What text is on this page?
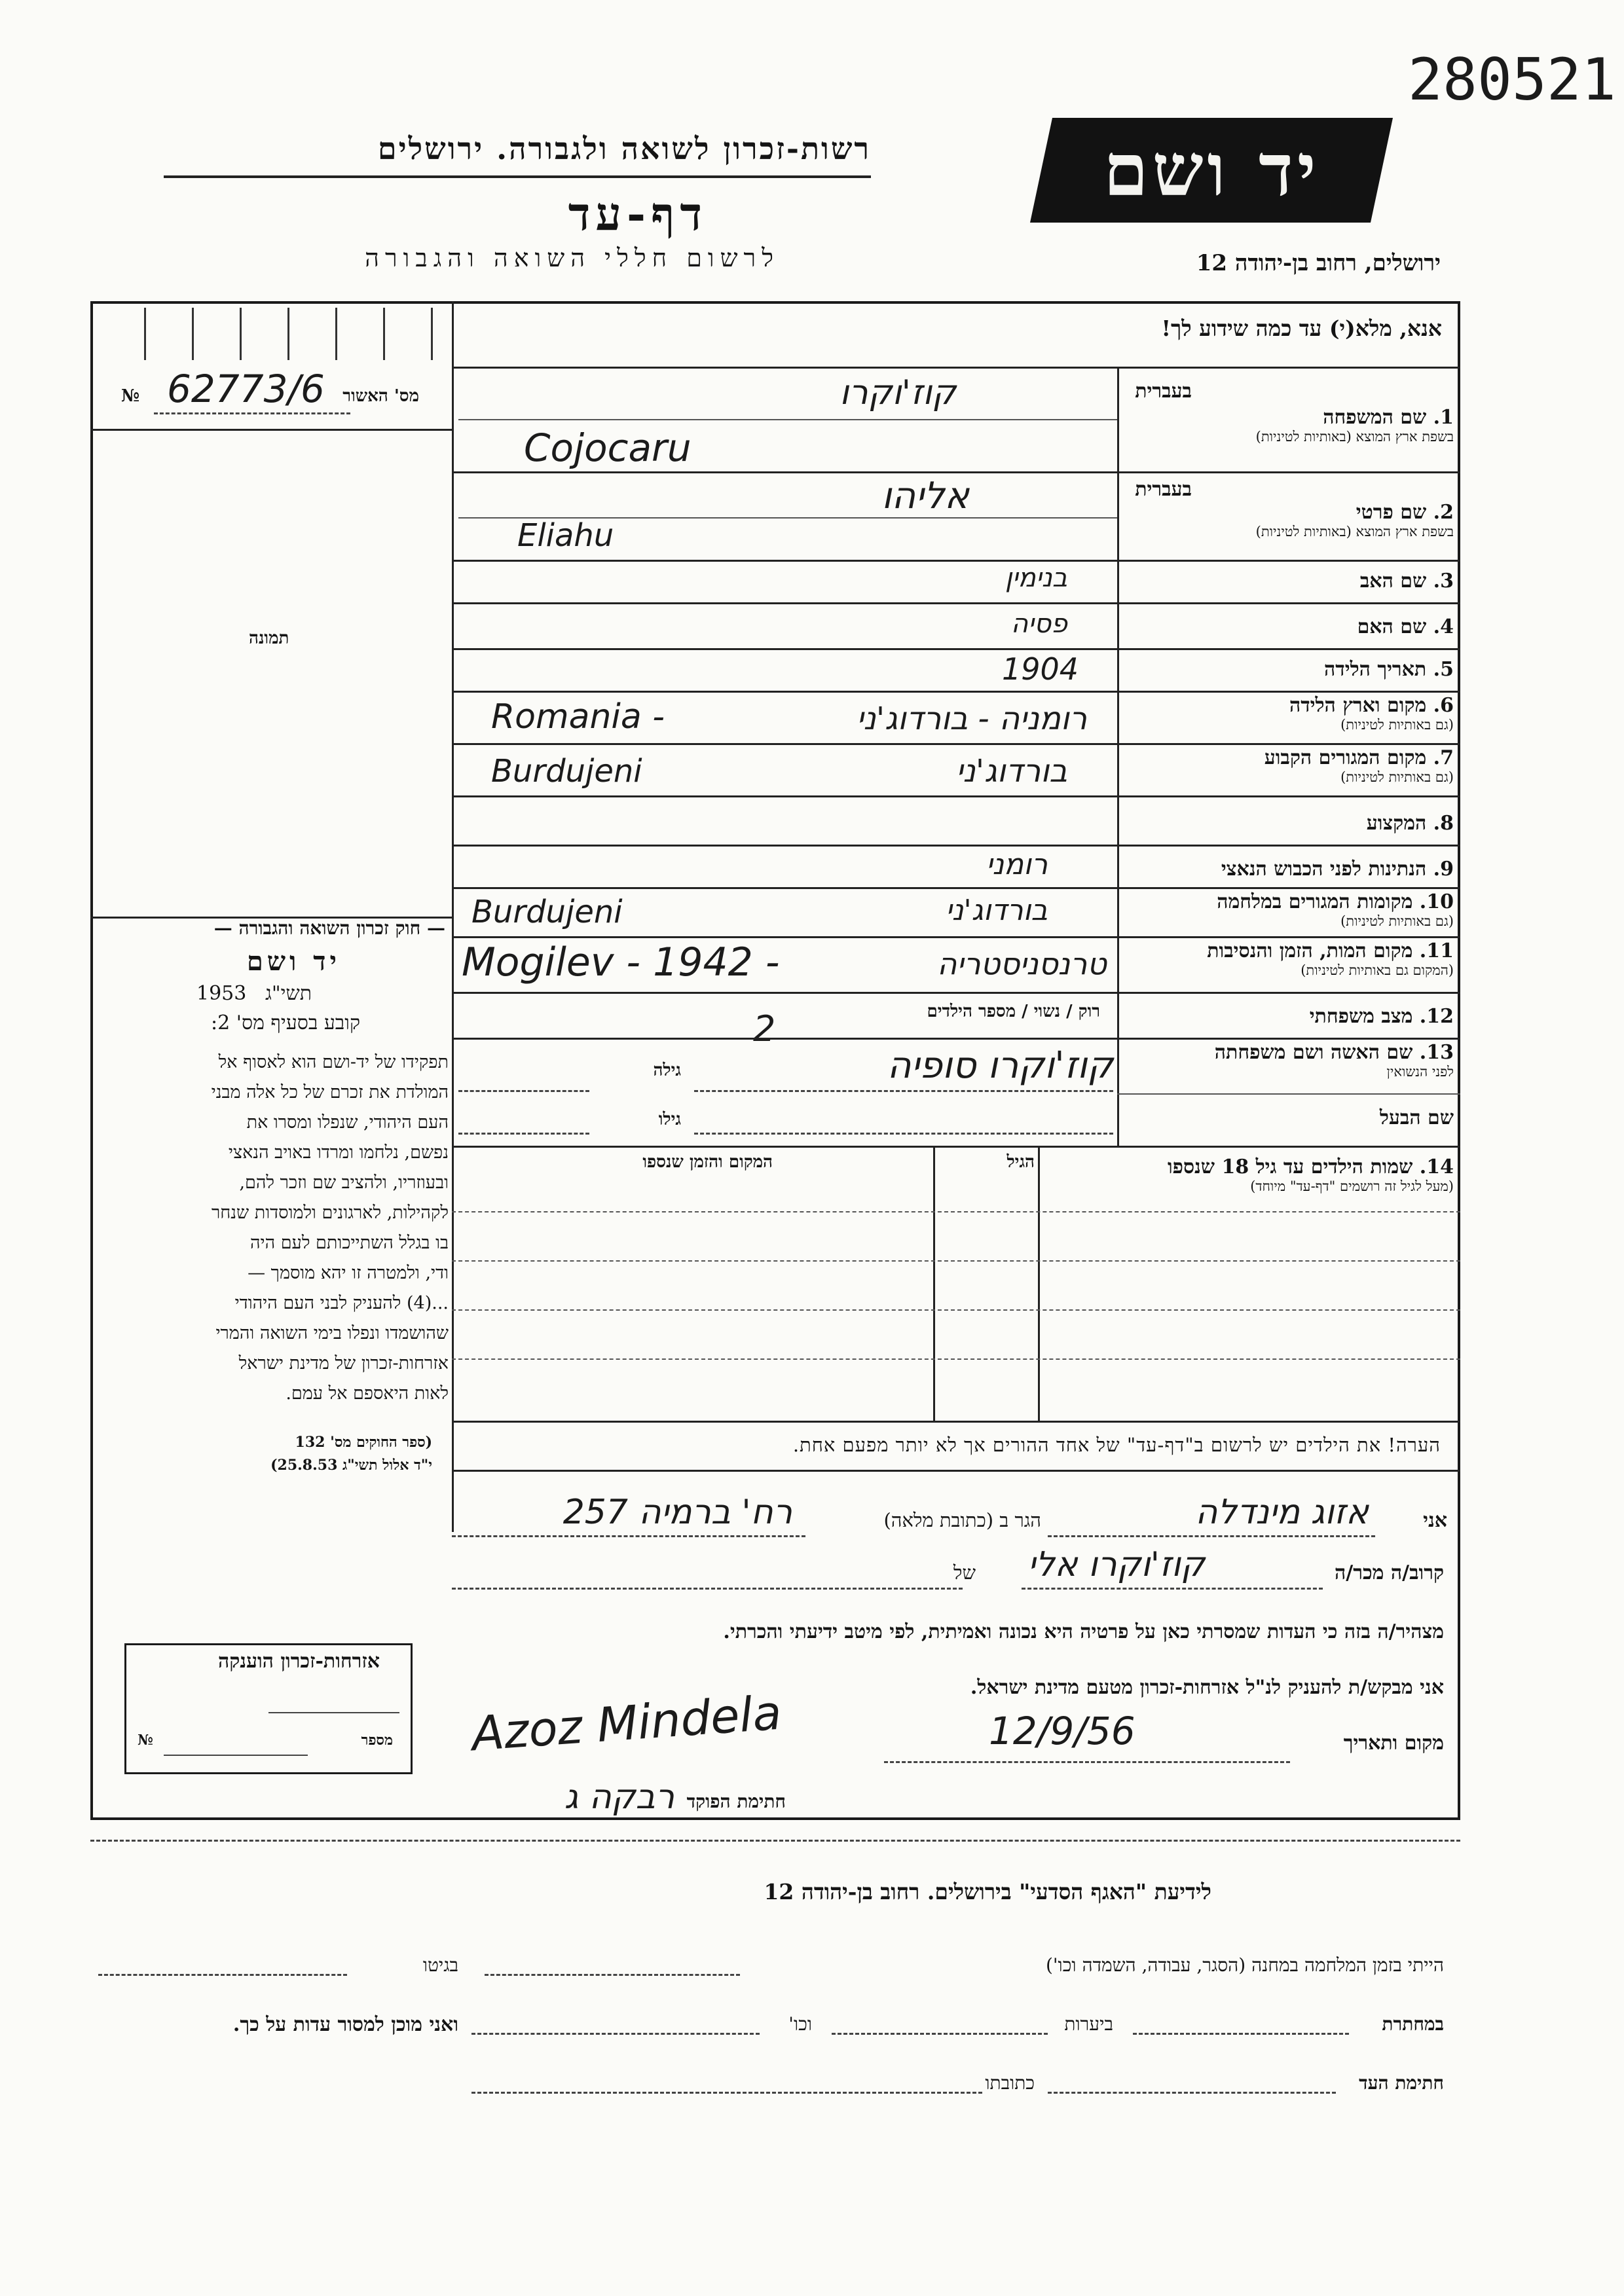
280521
רשות-זכרון לשואה ולגבורה. ירושלים
דף-עד
לרשום חללי השואה והגבורה
יד ושם
ירושלים, רחוב בן-יהודה 12
אנא, מלא(י) עד כמה שידוע לך!
מס' האשור
62773/6
№
תמונה
בעברית
1. שם המשפחה
בשפת ארץ המוצא (באותיות לטיניות)
קוז'וקרו
Cojocaru
בעברית
2. שם פרטי
בשפת ארץ המוצא (באותיות לטיניות)
אליהו
Eliahu
3. שם האב
בנימין
4. שם האם
פסיה
5. תאריך הלידה
1904
6. מקום וארץ הלידה
(גם באותיות לטיניות)
Romania -	רומניה - בורדוג'ני
7. מקום המגורים הקבוע
(גם באותיות לטיניות)
Burdujeni	בורדוג'ני
8. המקצוע
9. הנתינות לפני הכבוש הנאצי
רומני
10. מקומות המגורים במלחמה
(גם באותיות לטיניות)
Burdujeni	בורדוג'ני
11. מקום המות, הזמן והנסיבות
(המקום גם באותיות לטיניות)
Mogilev - 1942 -	טרנסניסטריה
12. מצב משפחתי
רוק / נשוי / מספר הילדים
2
13. שם האשה ושם משפחתה
לפני הנשואין
גילה	קוז'וקרו סופיה
שם הבעל
גילו
14. שמות הילדים עד גיל 18 שנספו
(מעל לגיל זה רושמים "דף-עד" מיוחד)
הגיל
המקום והזמן שנספו
— חוק זכרון השואה והגבורה —
יד ושם
1953 תשי"ג
קובע בסעיף מס' 2:
תפקידו של יד-ושם הוא לאסוף אל
המולדת את זכרם של כל אלה מבני
העם היהודי, שנפלו ומסרו את
נפשם, נלחמו ומרדו באויב הנאצי
ובעוזריו, ולהציב שם וזכר להם,
לקהילות, לארגונים ולמוסדות שנחר
בו בגלל השתייכותם לעם היה
ודי, ולמטרה זו יהא מוסמך —
...(4) להעניק לבני העם היהודי
שהושמדו ונפלו בימי השואה והמרי
אזרחות-זכרון של מדינת ישראל
לאות היאספם אל עמם.
(ספר החוקים מס' 132
י"ד אלול תשי"ג 25.8.53)
הערה! את הילדים יש לרשום ב"דף-עד" של אחד ההורים אך לא יותר מפעם אחת.
אני
אזוג מינדלה
הגר ב (כתובת מלאה)
רח' ברמיה 257
קרוב/ה מכר/ה
קוז'וקרו אלי
של
מצהיר/ה בזה כי העדות שמסרתי כאן על פרטיה היא נכונה ואמיתית, לפי מיטב ידיעתי והכרתי.
אני מבקש/ת להעניק לנ"ל אזרחות-זכרון מטעם מדינת ישראל.
מקום ותאריך
12/9/56
Azoz Mindela
חתימת הפוקד
רבקה ג
אזרחות-זכרון הוענקה
מספר
№
לידיעת "האגף הסדעי" בירושלים. רחוב בן-יהודה 12
הייתי בזמן המלחמה במחנה (הסגר, עבודה, השמדה וכו')
בגיטו
במחתרת
ביערות
וכו'
ואני מוכן למסור עדות על כך.
חתימת העד
כתובתו
